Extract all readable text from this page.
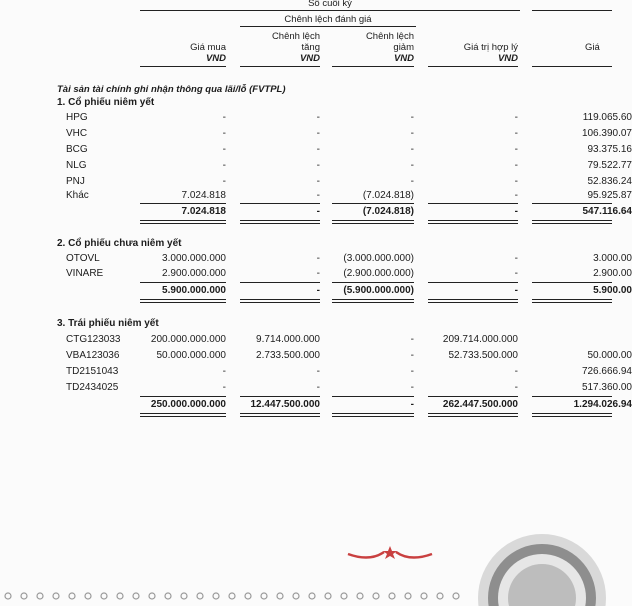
Số cuối kỳ
Chênh lệch đánh giá
Giá mua
VND
Chênh lệch
tăng
VND
Chênh lệch
giảm
VND
Giá trị hợp lý
VND
Giá
Tài sản tài chính ghi nhận thông qua lãi/lỗ (FVTPL)
1. Cổ phiếu niêm yết
HPG	-	-	-	-	119.065.60
VHC	-	-	-	-	106.390.07
BCG	-	-	-	-	93.375.16
NLG	-	-	-	-	79.522.77
PNJ	-	-	-	-	52.836.24
Khác	7.024.818	-	(7.024.818)	-	95.925.87
7.024.818	-	(7.024.818)	-	547.116.64
2. Cổ phiếu chưa niêm yết
OTOVL	3.000.000.000	-	(3.000.000.000)	-	3.000.00
VINARE	2.900.000.000	-	(2.900.000.000)	-	2.900.00
5.900.000.000	-	(5.900.000.000)	-	5.900.00
3. Trái phiếu niêm yết
CTG123033	200.000.000.000	9.714.000.000	-	209.714.000.000
VBA123036	50.000.000.000	2.733.500.000	-	52.733.500.000	50.000.00
TD2151043	-	-	-	-	726.666.94
TD2434025	-	-	-	-	517.360.00
250.000.000.000	12.447.500.000	-	262.447.500.000	1.294.026.94
